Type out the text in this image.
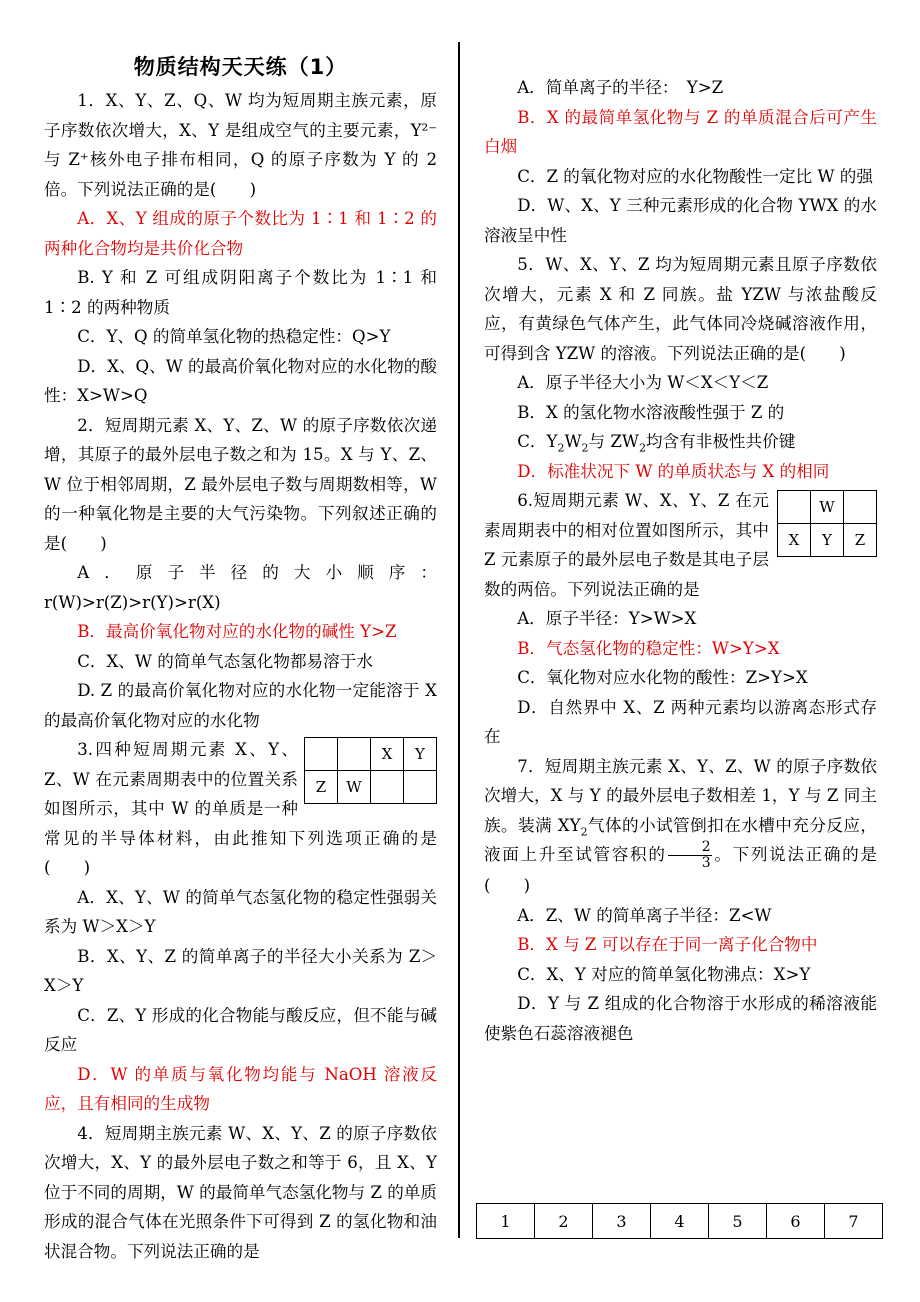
物质结构天天练（1）

1．X、Y、Z、Q、W 均为短周期主族元素，原子序数依次增大，X、Y 是组成空气的主要元素，Y²⁻与 Z⁺核外电子排布相同，Q 的原子序数为 Y 的 2 倍。下列说法正确的是(　　)

A．X、Y 组成的原子个数比为 1∶1 和 1∶2 的两种化合物均是共价化合物

B. Y 和 Z 可组成阴阳离子个数比为 1∶1 和 1∶2 的两种物质

C．Y、Q 的简单氢化物的热稳定性：Q>Y

D．X、Q、W 的最高价氧化物对应的水化物的酸性：X>W>Q

2．短周期元素 X、Y、Z、W 的原子序数依次递增，其原子的最外层电子数之和为 15。X 与 Y、Z、W 位于相邻周期，Z 最外层电子数与周期数相等，W 的一种氧化物是主要的大气污染物。下列叙述正确的是(　　)

A．原子半径的大小顺序：r(W)>r(Z)>r(Y)>r(X)

B．最高价氧化物对应的水化物的碱性 Y>Z

C．X、W 的简单气态氢化物都易溶于水

D. Z 的最高价氧化物对应的水化物一定能溶于 X 的最高价氧化物对应的水化物

		X	Y
Z	W		

3.四种短周期元素 X、Y、Z、W 在元素周期表中的位置关系如图所示，其中 W 的单质是一种常见的半导体材料，由此推知下列选项正确的是(　　)

A．X、Y、W 的简单气态氢化物的稳定性强弱关系为 W＞X＞Y

B．X、Y、Z 的简单离子的半径大小关系为 Z＞X＞Y

C．Z、Y 形成的化合物能与酸反应，但不能与碱反应

D．W 的单质与氧化物均能与 NaOH 溶液反应，且有相同的生成物

4．短周期主族元素 W、X、Y、Z 的原子序数依次增大，X、Y 的最外层电子数之和等于 6，且 X、Y 位于不同的周期，W 的最简单气态氢化物与 Z 的单质形成的混合气体在光照条件下可得到 Z 的氢化物和油状混合物。下列说法正确的是

A．简单离子的半径：　Y>Z

B．X 的最简单氢化物与 Z 的单质混合后可产生白烟

C．Z 的氧化物对应的水化物酸性一定比 W 的强

D．W、X、Y 三种元素形成的化合物 YWX 的水溶液呈中性

5．W、X、Y、Z 均为短周期元素且原子序数依次增大，元素 X 和 Z 同族。盐 YZW 与浓盐酸反应，有黄绿色气体产生，此气体同冷烧碱溶液作用，可得到含 YZW 的溶液。下列说法正确的是(　　)

A．原子半径大小为 W＜X＜Y＜Z

B．X 的氢化物水溶液酸性强于 Z 的

C．$Y_2W_2$与 $ZW_2$均含有非极性共价键

D．标准状况下 W 的单质状态与 X 的相同

	W	
X	Y	Z

6.短周期元素 W、X、Y、Z 在元素周期表中的相对位置如图所示，其中 Z 元素原子的最外层电子数是其电子层数的两倍。下列说法正确的是

A．原子半径：Y>W>X

B．气态氢化物的稳定性：W>Y>X

C．氧化物对应水化物的酸性：Z>Y>X

D．自然界中 X、Z 两种元素均以游离态形式存在

7．短周期主族元素 X、Y、Z、W 的原子序数依次增大，X 与 Y 的最外层电子数相差 1，Y 与 Z 同主族。装满 $XY_2$气体的小试管倒扣在水槽中充分反应，液面上升至试管容积的 $\frac{2}{3}$ 。下列说法正确的是(　　)

A．Z、W 的简单离子半径：Z<W

B．X 与 Z 可以存在于同一离子化合物中

C．X、Y 对应的简单氢化物沸点：X>Y

D．Y 与 Z 组成的化合物溶于水形成的稀溶液能使紫色石蕊溶液褪色

1	2	3	4	5	6	7
